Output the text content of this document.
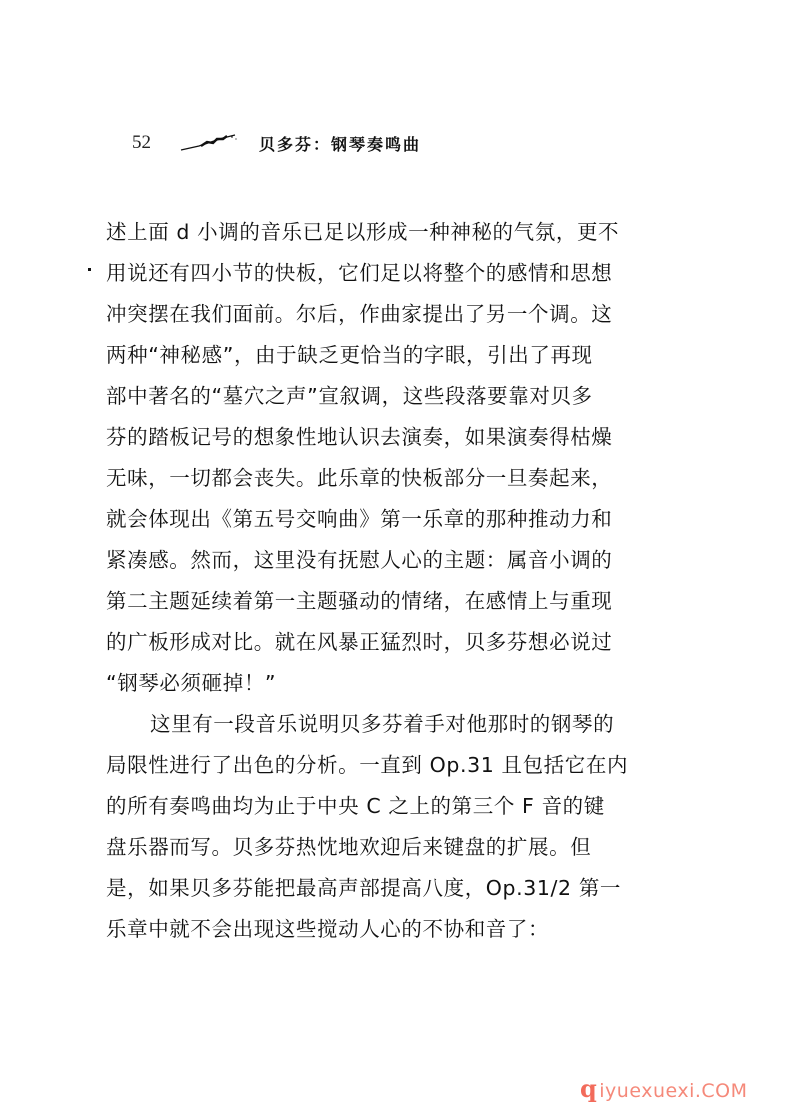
52	贝多芬：钢琴奏鸣曲
述上面 d 小调的音乐已足以形成一种神秘的气氛，更不
用说还有四小节的快板，它们足以将整个的感情和思想
冲突摆在我们面前。尔后，作曲家提出了另一个调。这
两种“神秘感”，由于缺乏更恰当的字眼，引出了再现
部中著名的“墓穴之声”宣叙调，这些段落要靠对贝多
芬的踏板记号的想象性地认识去演奏，如果演奏得枯燥
无味，一切都会丧失。此乐章的快板部分一旦奏起来，
就会体现出《第五号交响曲》第一乐章的那种推动力和
紧凑感。然而，这里没有抚慰人心的主题：属音小调的
第二主题延续着第一主题骚动的情绪，在感情上与重现
的广板形成对比。就在风暴正猛烈时，贝多芬想必说过
“钢琴必须砸掉！”
这里有一段音乐说明贝多芬着手对他那时的钢琴的
局限性进行了出色的分析。一直到 Op.31 且包括它在内
的所有奏鸣曲均为止于中央 C 之上的第三个 F 音的键
盘乐器而写。贝多芬热忱地欢迎后来键盘的扩展。但
是，如果贝多芬能把最高声部提高八度，Op.31/2 第一
乐章中就不会出现这些搅动人心的不协和音了：
q iyuexuexi.COM
